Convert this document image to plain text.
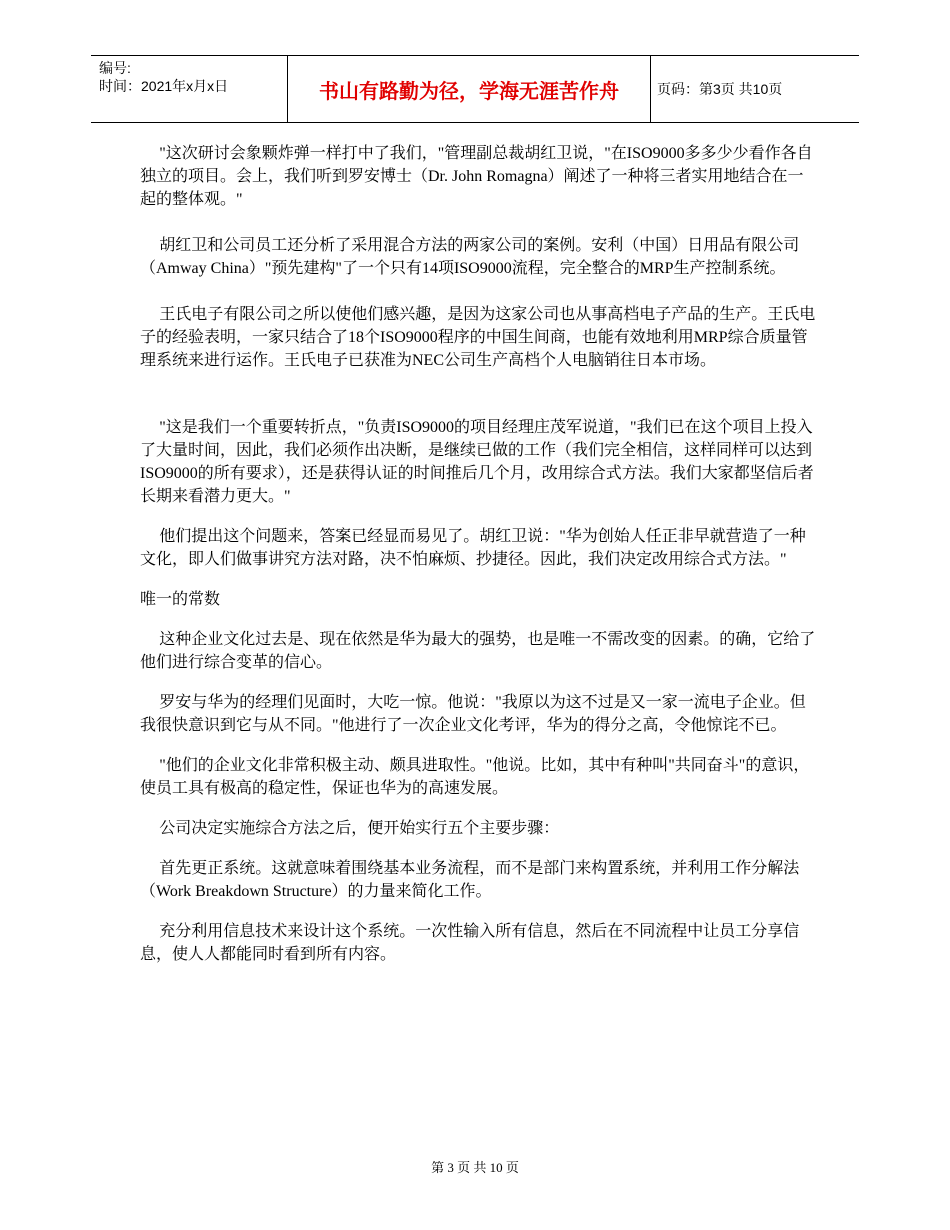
编号:
时间：2021年x月x日	书山有路勤为径，学海无涯苦作舟	页码：第3页 共10页

"这次研讨会象颗炸弹一样打中了我们，"管理副总裁胡红卫说，"在ISO9000多多少少看作各自独立的项目。会上，我们听到罗安博士（Dr. John Romagna）阐述了一种将三者实用地结合在一起的整体观。"

胡红卫和公司员工还分析了采用混合方法的两家公司的案例。安利（中国）日用品有限公司（Amway China）"预先建构"了一个只有14项ISO9000流程，完全整合的MRP生产控制系统。

王氏电子有限公司之所以使他们感兴趣，是因为这家公司也从事高档电子产品的生产。王氏电子的经验表明，一家只结合了18个ISO9000程序的中国生间商，也能有效地利用MRP综合质量管理系统来进行运作。王氏电子已获准为NEC公司生产高档个人电脑销往日本市场。

"这是我们一个重要转折点，"负责ISO9000的项目经理庄茂军说道，"我们已在这个项目上投入了大量时间，因此，我们必须作出决断，是继续已做的工作（我们完全相信，这样同样可以达到ISO9000的所有要求），还是获得认证的时间推后几个月，改用综合式方法。我们大家都坚信后者长期来看潜力更大。"

他们提出这个问题来，答案已经显而易见了。胡红卫说："华为创始人任正非早就营造了一种文化，即人们做事讲究方法对路，决不怕麻烦、抄捷径。因此，我们决定改用综合式方法。"

唯一的常数

这种企业文化过去是、现在依然是华为最大的强势，也是唯一不需改变的因素。的确，它给了他们进行综合变革的信心。

罗安与华为的经理们见面时，大吃一惊。他说："我原以为这不过是又一家一流电子企业。但我很快意识到它与从不同。"他进行了一次企业文化考评，华为的得分之高，令他惊诧不已。

"他们的企业文化非常积极主动、颇具进取性。"他说。比如，其中有种叫"共同奋斗"的意识，使员工具有极高的稳定性，保证也华为的高速发展。

公司决定实施综合方法之后，便开始实行五个主要步骤：

首先更正系统。这就意味着围绕基本业务流程，而不是部门来构置系统，并利用工作分解法（Work Breakdown Structure）的力量来简化工作。

充分利用信息技术来设计这个系统。一次性输入所有信息，然后在不同流程中让员工分享信息，使人人都能同时看到所有内容。

第 3 页 共 10 页
